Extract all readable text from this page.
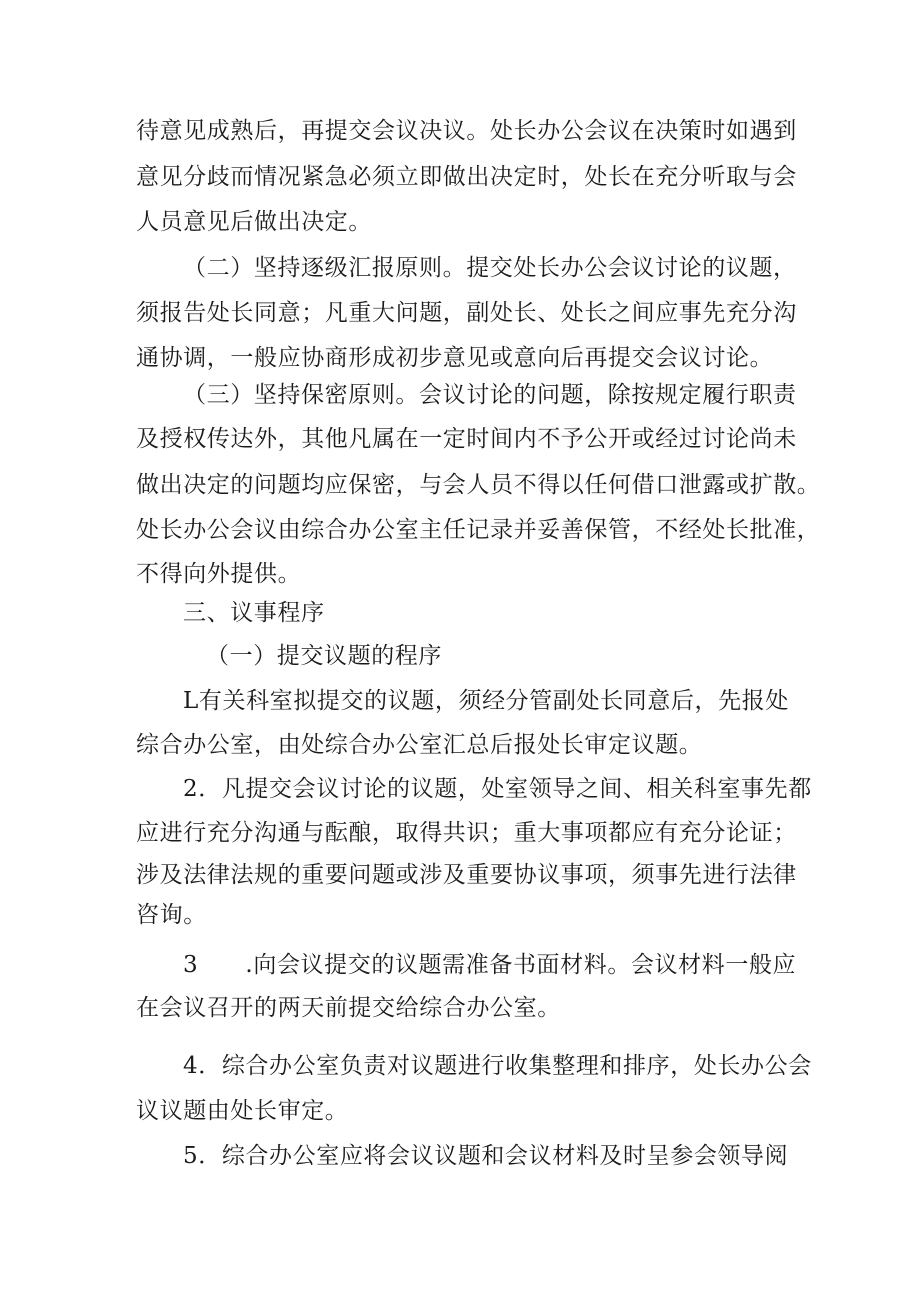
待意见成熟后，再提交会议决议。处长办公会议在决策时如遇到
意见分歧而情况紧急必须立即做出决定时，处长在充分听取与会
人员意见后做出决定。
（二）坚持逐级汇报原则。提交处长办公会议讨论的议题，
须报告处长同意；凡重大问题，副处长、处长之间应事先充分沟
通协调，一般应协商形成初步意见或意向后再提交会议讨论。
（三）坚持保密原则。会议讨论的问题，除按规定履行职责
及授权传达外，其他凡属在一定时间内不予公开或经过讨论尚未
做出决定的问题均应保密，与会人员不得以任何借口泄露或扩散。
处长办公会议由综合办公室主任记录并妥善保管，不经处长批准，
不得向外提供。
三、议事程序
（一）提交议题的程序
L有关科室拟提交的议题，须经分管副处长同意后，先报处
综合办公室，由处综合办公室汇总后报处长审定议题。
2．凡提交会议讨论的议题，处室领导之间、相关科室事先都
应进行充分沟通与酝酿，取得共识；重大事项都应有充分论证；
涉及法律法规的重要问题或涉及重要协议事项，须事先进行法律
咨询。
3　　.向会议提交的议题需准备书面材料。会议材料一般应
在会议召开的两天前提交给综合办公室。
4．综合办公室负责对议题进行收集整理和排序，处长办公会
议议题由处长审定。
5．综合办公室应将会议议题和会议材料及时呈参会领导阅
